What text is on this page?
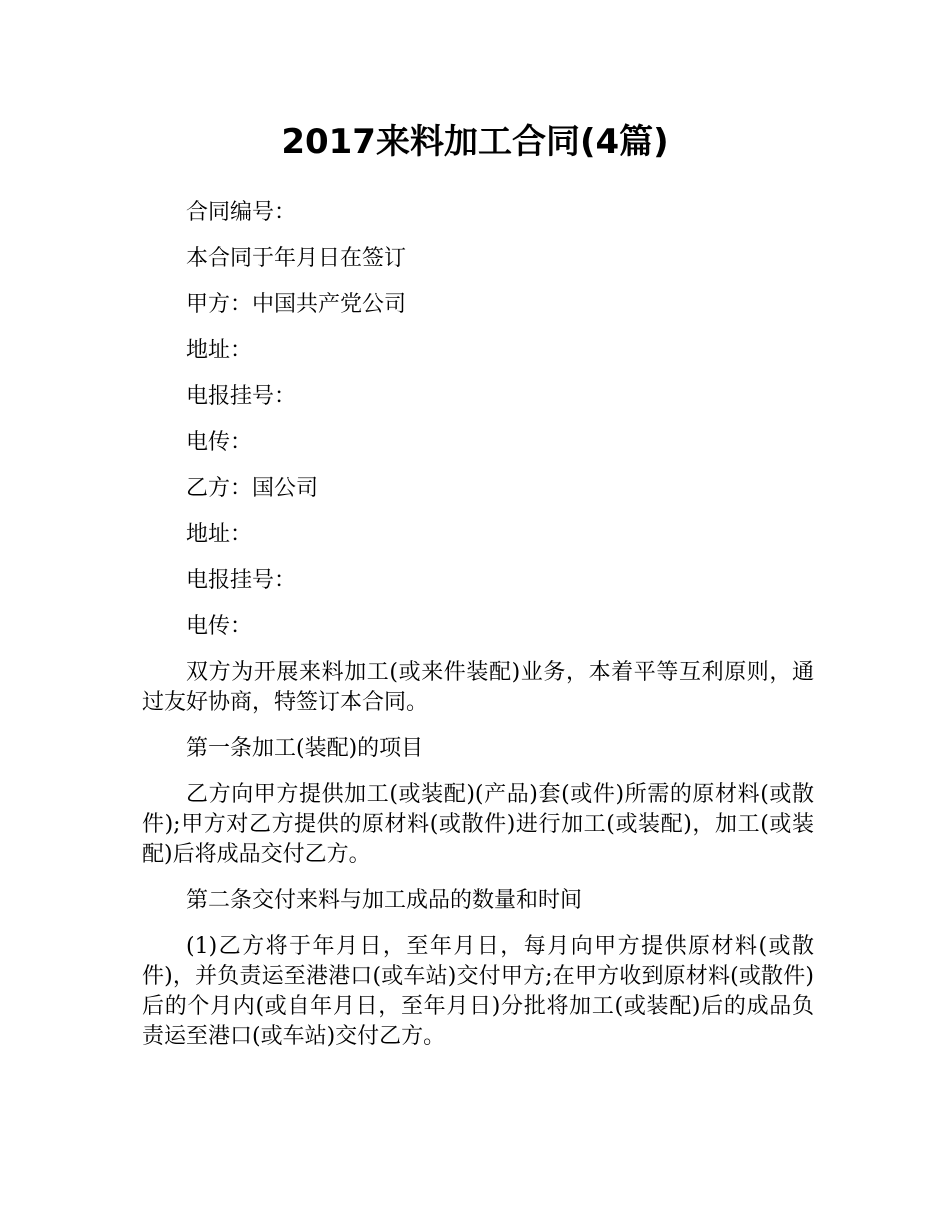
2017来料加工合同(4篇)

合同编号：

本合同于年月日在签订

甲方：中国共产党公司

地址：

电报挂号：

电传：

乙方：国公司

地址：

电报挂号：

电传：

双方为开展来料加工(或来件装配)业务，本着平等互利原则，通过友好协商，特签订本合同。

第一条加工(装配)的项目

乙方向甲方提供加工(或装配)(产品)套(或件)所需的原材料(或散件);甲方对乙方提供的原材料(或散件)进行加工(或装配)，加工(或装配)后将成品交付乙方。

第二条交付来料与加工成品的数量和时间

(1)乙方将于年月日，至年月日，每月向甲方提供原材料(或散件)，并负责运至港港口(或车站)交付甲方;在甲方收到原材料(或散件)后的个月内(或自年月日，至年月日)分批将加工(或装配)后的成品负责运至港口(或车站)交付乙方。
